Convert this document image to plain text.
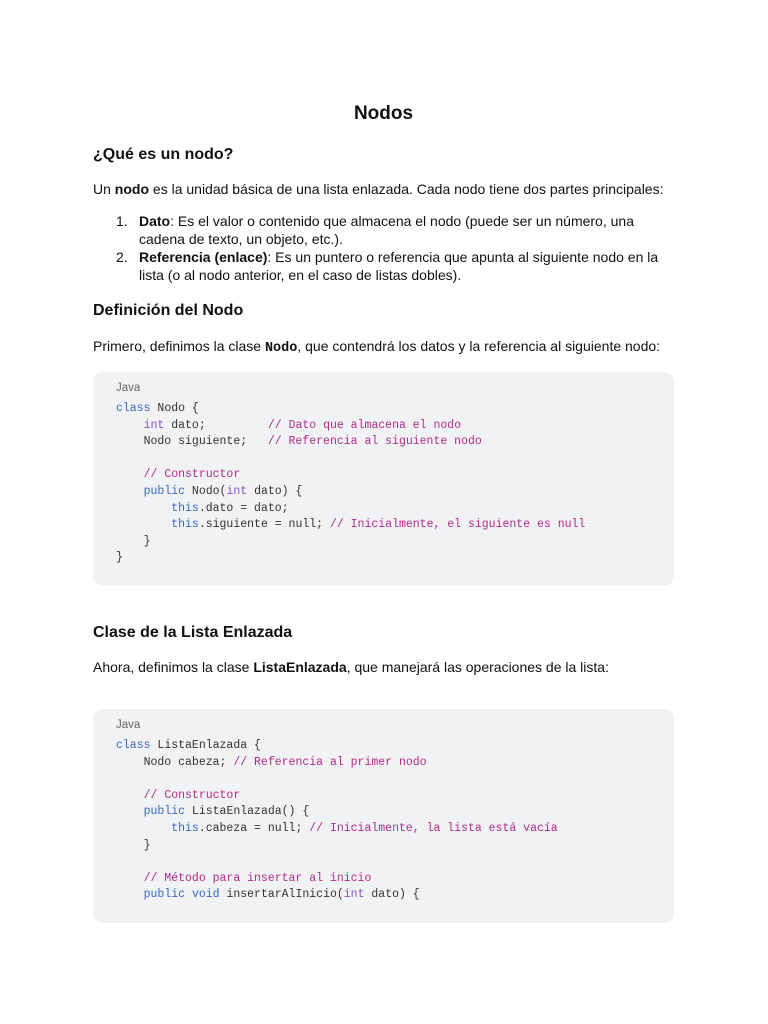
Nodos
¿Qué es un nodo?

Un nodo es la unidad básica de una lista enlazada. Cada nodo tiene dos partes principales:

1. Dato: Es el valor o contenido que almacena el nodo (puede ser un número, una
cadena de texto, un objeto, etc.).
2. Referencia (enlace): Es un puntero o referencia que apunta al siguiente nodo en la
lista (o al nodo anterior, en el caso de listas dobles).
Definición del Nodo

Primero, definimos la clase Nodo, que contendrá los datos y la referencia al siguiente nodo:

Java
class Nodo {
int dato;         // Dato que almacena el nodo
Nodo siguiente;   // Referencia al siguiente nodo

// Constructor
public Nodo(int dato) {
this.dato = dato;
this.siguiente = null; // Inicialmente, el siguiente es null
}
}
Clase de la Lista Enlazada

Ahora, definimos la clase ListaEnlazada, que manejará las operaciones de la lista:

Java
class ListaEnlazada {
Nodo cabeza; // Referencia al primer nodo

// Constructor
public ListaEnlazada() {
this.cabeza = null; // Inicialmente, la lista está vacía
}

// Método para insertar al inicio
public void insertarAlInicio(int dato) {
